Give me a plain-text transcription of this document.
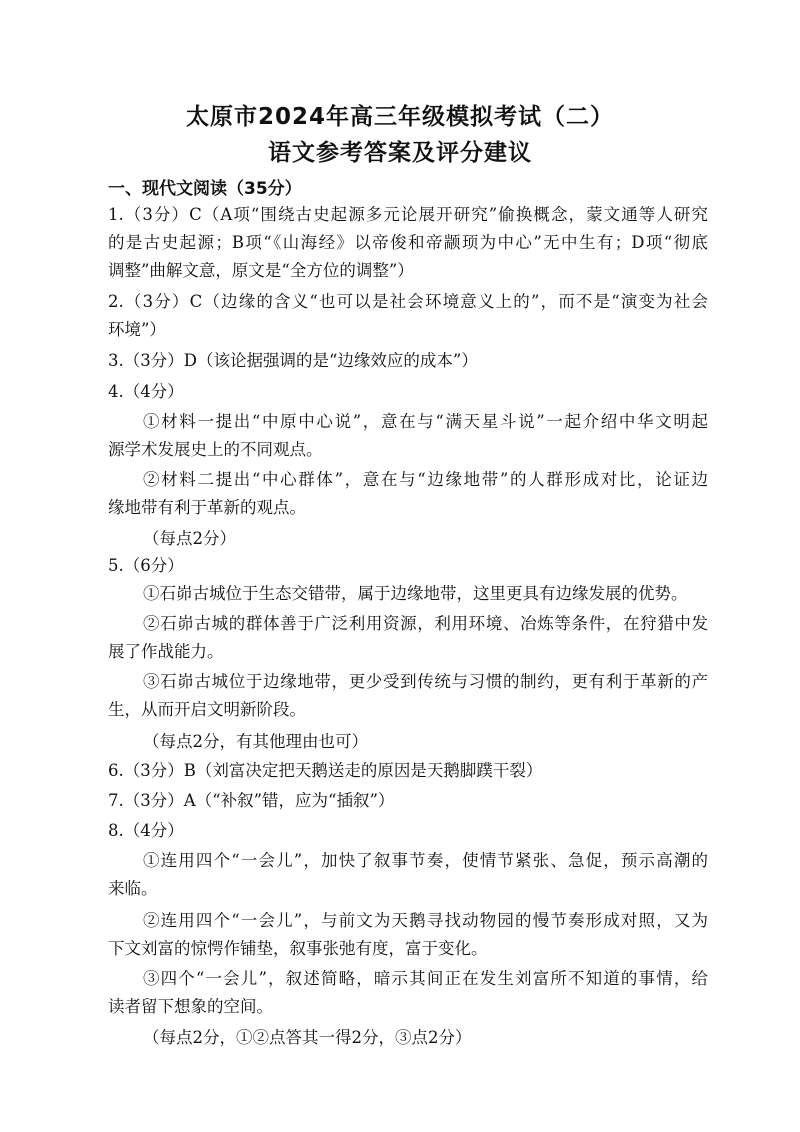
太原市2024年高三年级模拟考试（二）
语文参考答案及评分建议
一、现代文阅读（35分）
1.（3分）C（A项“围绕古史起源多元论展开研究”偷换概念，蒙文通等人研究
的是古史起源；B项“《山海经》以帝俊和帝颛顼为中心”无中生有；D项“彻底
调整”曲解文意，原文是“全方位的调整”）
2.（3分）C（边缘的含义“也可以是社会环境意义上的”，而不是“演变为社会
环境”）
3.（3分）D（该论据强调的是“边缘效应的成本”）
4.（4分）
①材料一提出“中原中心说”，意在与“满天星斗说”一起介绍中华文明起
源学术发展史上的不同观点。
②材料二提出“中心群体”，意在与“边缘地带”的人群形成对比，论证边
缘地带有利于革新的观点。
（每点2分）
5.（6分）
①石峁古城位于生态交错带，属于边缘地带，这里更具有边缘发展的优势。
②石峁古城的群体善于广泛利用资源，利用环境、冶炼等条件，在狩猎中发
展了作战能力。
③石峁古城位于边缘地带，更少受到传统与习惯的制约，更有利于革新的产
生，从而开启文明新阶段。
（每点2分，有其他理由也可）
6.（3分）B（刘富决定把天鹅送走的原因是天鹅脚蹼干裂）
7.（3分）A（“补叙”错，应为“插叙”）
8.（4分）
①连用四个“一会儿”，加快了叙事节奏，使情节紧张、急促，预示高潮的
来临。
②连用四个“一会儿”，与前文为天鹅寻找动物园的慢节奏形成对照，又为
下文刘富的惊愕作铺垫，叙事张弛有度，富于变化。
③四个“一会儿”，叙述简略，暗示其间正在发生刘富所不知道的事情，给
读者留下想象的空间。
（每点2分，①②点答其一得2分，③点2分）
